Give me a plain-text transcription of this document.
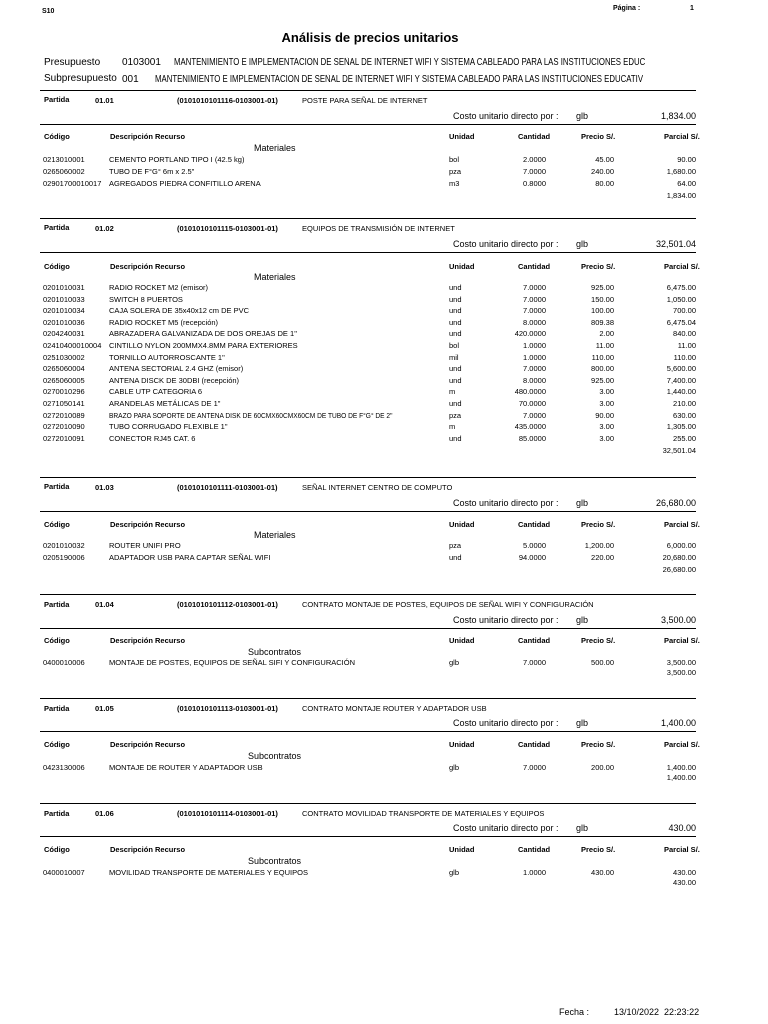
S10	Página :	1
Análisis de precios unitarios
Presupuesto 0103001 MANTENIMIENTO E IMPLEMENTACION DE SEÑAL DE INTERNET WIFI Y SISTEMA CABLEADO PARA LAS INSTITUCIONES EDUC
Subpresupuesto 001 MANTENIMIENTO E IMPLEMENTACION DE SEÑAL DE INTERNET WIFI Y SISTEMA CABLEADO PARA LAS INSTITUCIONES EDUCATIV
Partida	01.01	(0101010101116-0103001-01)	POSTE PARA SEÑAL DE INTERNET
Costo unitario directo por : glb	1,834.00
Código	Descripción Recurso	Unidad	Cantidad	Precio S/.	Parcial S/.
Materiales
0213010001	CEMENTO PORTLAND TIPO I (42.5 kg)	bol	2.0000	45.00	90.00
0265060002	TUBO DE F°G° 6m x 2.5"	pza	7.0000	240.00	1,680.00
02901700010017 AGREGADOS PIEDRA CONFITILLO ARENA	m3	0.8000	80.00	64.00
1,834.00
Partida	01.02	(0101010101115-0103001-01)	EQUIPOS DE TRANSMISIÓN DE INTERNET
Costo unitario directo por : glb	32,501.04
Código	Descripción Recurso	Unidad	Cantidad	Precio S/.	Parcial S/.
Materiales
0201010031	RADIO ROCKET M2 (emisor)	und	7.0000	925.00	6,475.00
0201010033	SWITCH 8 PUERTOS	und	7.0000	150.00	1,050.00
0201010034	CAJA SOLERA DE 35x40x12 cm DE PVC	und	7.0000	100.00	700.00
0201010036	RADIO ROCKET M5 (recepción)	und	8.0000	809.38	6,475.04
0204240031	ABRAZADERA GALVANIZADA DE DOS OREJAS DE 1"	und	420.0000	2.00	840.00
02410400010004 CINTILLO NYLON 200MMX4.8MM PARA EXTERIORES	bol	1.0000	11.00	11.00
0251030002	TORNILLO AUTORROSCANTE 1"	mil	1.0000	110.00	110.00
0265060004	ANTENA SECTORIAL 2.4 GHZ (emisor)	und	7.0000	800.00	5,600.00
0265060005	ANTENA DISCK DE 30DBI (recepción)	und	8.0000	925.00	7,400.00
0270010296	CABLE UTP CATEGORIA 6	m	480.0000	3.00	1,440.00
0271050141	ARANDELAS METÁLICAS DE 1"	und	70.0000	3.00	210.00
0272010089	BRAZO PARA SOPORTE DE ANTENA DISK DE 60CMX60CMX60CM DE TUBO DE F°G° DE 2"	pza	7.0000	90.00	630.00
0272010090	TUBO CORRUGADO FLEXIBLE 1"	m	435.0000	3.00	1,305.00
0272010091	CONECTOR RJ45 CAT. 6	und	85.0000	3.00	255.00
32,501.04
Partida	01.03	(0101010101111-0103001-01)	SEÑAL INTERNET CENTRO DE COMPUTO
Costo unitario directo por : glb	26,680.00
Código	Descripción Recurso	Unidad	Cantidad	Precio S/.	Parcial S/.
Materiales
0201010032	ROUTER UNIFI PRO	pza	5.0000	1,200.00	6,000.00
0205190006	ADAPTADOR USB PARA CAPTAR SEÑAL WIFI	und	94.0000	220.00	20,680.00
26,680.00
Partida	01.04	(0101010101112-0103001-01)	CONTRATO MONTAJE DE POSTES, EQUIPOS DE SEÑAL WIFI Y CONFIGURACIÓN
Costo unitario directo por : glb	3,500.00
Código	Descripción Recurso	Unidad	Cantidad	Precio S/.	Parcial S/.
Subcontratos
0400010006	MONTAJE DE POSTES, EQUIPOS DE SEÑAL SIFI Y CONFIGURACIÓN	glb	7.0000	500.00	3,500.00
3,500.00
Partida	01.05	(0101010101113-0103001-01)	CONTRATO MONTAJE ROUTER Y ADAPTADOR USB
Costo unitario directo por : glb	1,400.00
Código	Descripción Recurso	Unidad	Cantidad	Precio S/.	Parcial S/.
Subcontratos
0423130006	MONTAJE DE ROUTER Y ADAPTADOR USB	glb	7.0000	200.00	1,400.00
1,400.00
Partida	01.06	(0101010101114-0103001-01)	CONTRATO MOVILIDAD TRANSPORTE DE MATERIALES Y EQUIPOS
Costo unitario directo por : glb	430.00
Código	Descripción Recurso	Unidad	Cantidad	Precio S/.	Parcial S/.
Subcontratos
0400010007	MOVILIDAD TRANSPORTE DE MATERIALES Y EQUIPOS	glb	1.0000	430.00	430.00
430.00
Fecha :	13/10/2022  22:23:22
